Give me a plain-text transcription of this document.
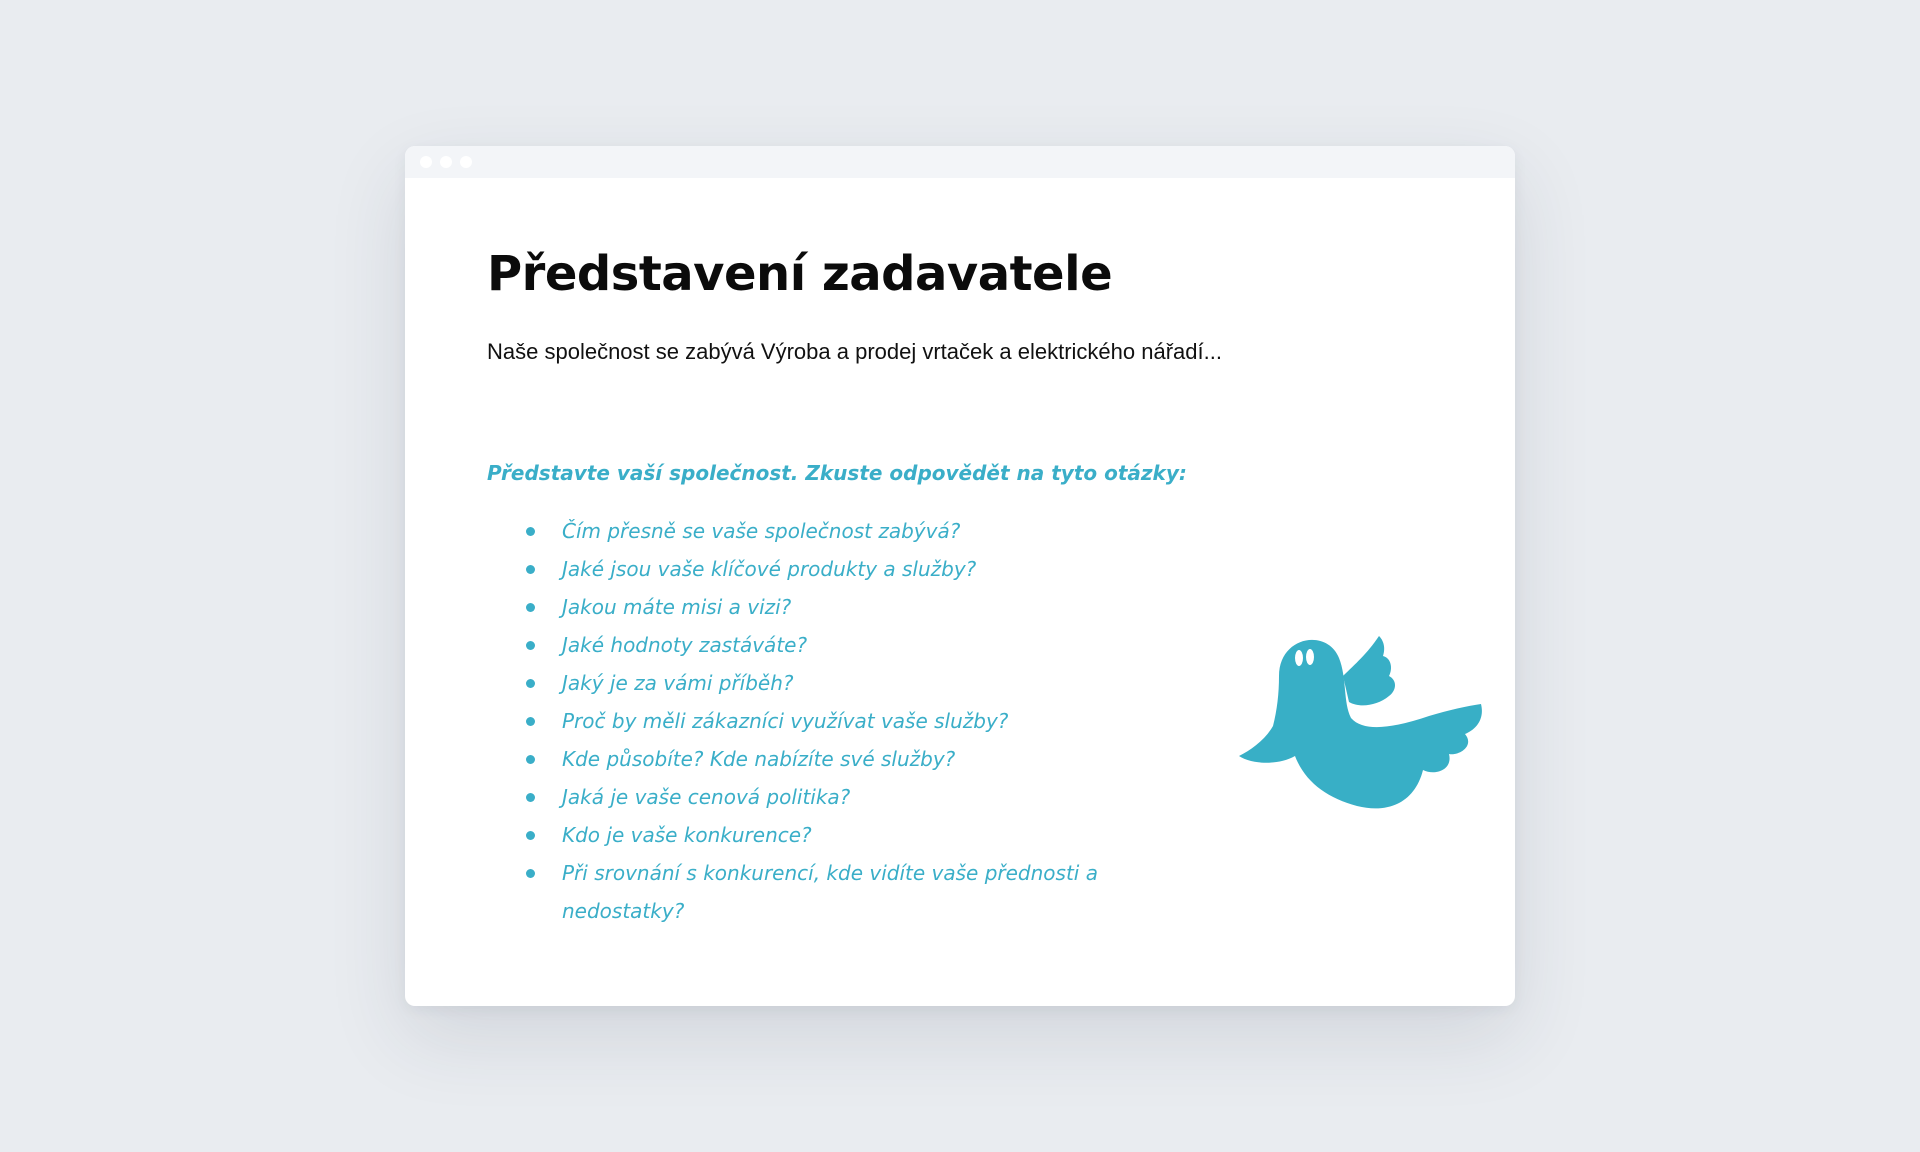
Představení zadavatele

Naše společnost se zabývá Výroba a prodej vrtaček a elektrického nářadí...

Představte vaší společnost. Zkuste odpovědět na tyto otázky:

Čím přesně se vaše společnost zabývá?
Jaké jsou vaše klíčové produkty a služby?
Jakou máte misi a vizi?
Jaké hodnoty zastáváte?
Jaký je za vámi příběh?
Proč by měli zákazníci využívat vaše služby?
Kde působíte? Kde nabízíte své služby?
Jaká je vaše cenová politika?
Kdo je vaše konkurence?
Při srovnání s konkurencí, kde vidíte vaše přednosti a nedostatky?
